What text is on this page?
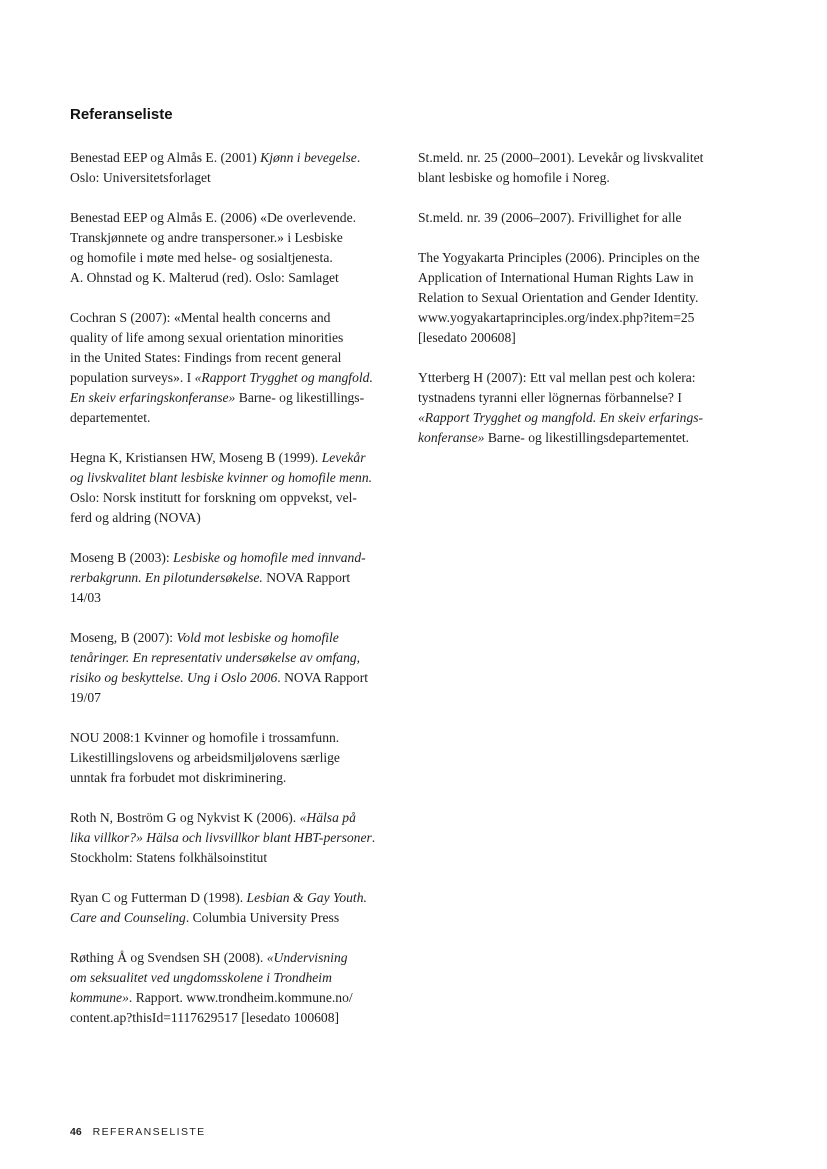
Referanseliste

Benestad EEP og Almås E. (2001) Kjønn i bevegelse.
Oslo: Universitetsforlaget

Benestad EEP og Almås E. (2006) «De overlevende.
Transkjønnete og andre transpersoner.» i Lesbiske
og homofile i møte med helse- og sosialtjenesta.
A. Ohnstad og K. Malterud (red). Oslo: Samlaget

Cochran S (2007): «Mental health concerns and
quality of life among sexual orientation minorities
in the United States: Findings from recent general
population surveys». I «Rapport Trygghet og mangfold.
En skeiv erfaringskonferanse» Barne- og likestillings-
departementet.

Hegna K, Kristiansen HW, Moseng B (1999). Levekår
og livskvalitet blant lesbiske kvinner og homofile menn.
Oslo: Norsk institutt for forskning om oppvekst, vel-
ferd og aldring (NOVA)

Moseng B (2003): Lesbiske og homofile med innvand-
rerbakgrunn. En pilotundersøkelse. NOVA Rapport
14/03

Moseng, B (2007): Vold mot lesbiske og homofile
tenåringer. En representativ undersøkelse av omfang,
risiko og beskyttelse. Ung i Oslo 2006. NOVA Rapport
19/07

NOU 2008:1 Kvinner og homofile i trossamfunn.
Likestillingslovens og arbeidsmiljølovens særlige
unntak fra forbudet mot diskriminering.

Roth N, Boström G og Nykvist K (2006). «Hälsa på
lika villkor?» Hälsa och livsvillkor blant HBT-personer.
Stockholm: Statens folkhälsoinstitut

Ryan C og Futterman D (1998). Lesbian & Gay Youth.
Care and Counseling. Columbia University Press

Røthing Å og Svendsen SH (2008). «Undervisning
om seksualitet ved ungdomsskolene i Trondheim
kommune». Rapport. www.trondheim.kommune.no/
content.ap?thisId=1117629517 [lesedato 100608]

St.meld. nr. 25 (2000–2001). Levekår og livskvalitet
blant lesbiske og homofile i Noreg.

St.meld. nr. 39 (2006–2007). Frivillighet for alle

The Yogyakarta Principles (2006). Principles on the
Application of International Human Rights Law in
Relation to Sexual Orientation and Gender Identity.
www.yogyakartaprinciples.org/index.php?item=25
[lesedato 200608]

Ytterberg H (2007): Ett val mellan pest och kolera:
tystnadens tyranni eller lögnernas förbannelse? I
«Rapport Trygghet og mangfold. En skeiv erfarings-
konferanse» Barne- og likestillingsdepartementet.

46 REFERANSELISTE
